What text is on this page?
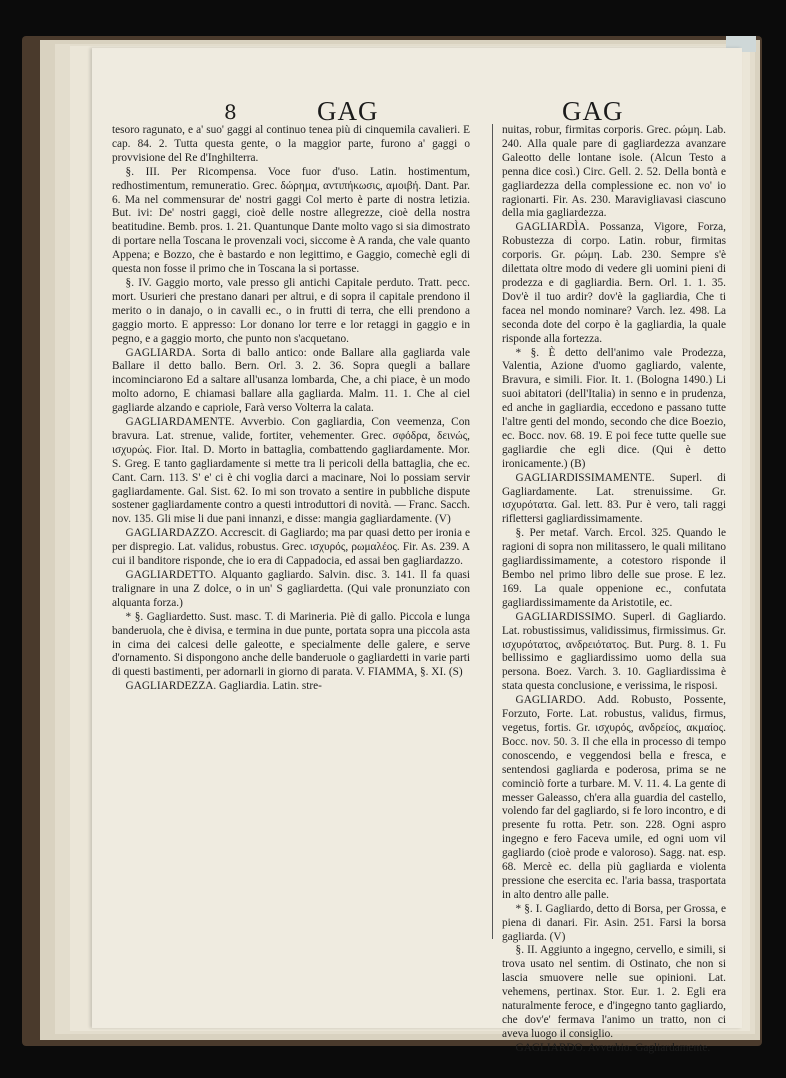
8	GAG	GAG

tesoro ragunato, e a' suo' gaggi al continuo tenea più di cinquemila cavalieri. E cap. 84. 2. Tutta questa gente, o la maggior parte, furono a' gaggi o provvisione del Re d'Inghilterra.

§. III. Per Ricompensa. Voce fuor d'uso. Latin. hostimentum, redhostimentum, remuneratio. Grec. δώρημα, αντιπήκωσις, αμοιβή. Dant. Par. 6. Ma nel commensurar de' nostri gaggi Col merto è parte di nostra letizia. But. ivi: De' nostri gaggi, cioè delle nostre allegrezze, cioè della nostra beatitudine. Bemb. pros. 1. 21. Quantunque Dante molto vago si sia dimostrato di portare nella Toscana le provenzali voci, siccome è A randa, che vale quanto Appena; e Bozzo, che è bastardo e non legittimo, e Gaggio, comechè egli di questa non fosse il primo che in Toscana la si portasse.

§. IV. Gaggio morto, vale presso gli antichi Capitale perduto. Tratt. pecc. mort. Usurieri che prestano danari per altrui, e di sopra il capitale prendono il merito o in danajo, o in cavalli ec., o in frutti di terra, che elli prendono a gaggio morto. E appresso: Lor donano lor terre e lor retaggi in gaggio e in pegno, e a gaggio morto, che punto non s'acquetano.

GAGLIARDA. Sorta di ballo antico: onde Ballare alla gagliarda vale Ballare il detto ballo. Bern. Orl. 3. 2. 36. Sopra quegli a ballare incominciarono Ed a saltare all'usanza lombarda, Che, a chi piace, è un modo molto adorno, E chiamasi ballare alla gagliarda. Malm. 11. 1. Che al ciel gagliarde alzando e capriole, Farà verso Volterra la calata.

GAGLIARDAMENTE. Avverbio. Con gagliardia, Con veemenza, Con bravura. Lat. strenue, valide, fortiter, vehementer. Grec. σφόδρα, δεινώς, ισχυρώς. Fior. Ital. D. Morto in battaglia, combattendo gagliardamente. Mor. S. Greg. E tanto gagliardamente si mette tra li pericoli della battaglia, che ec. Cant. Carn. 113. S' e' ci è chi voglia darci a macinare, Noi lo possiam servir gagliardamente. Gal. Sist. 62. Io mi son trovato a sentire in pubbliche dispute sostener gagliardamente contro a questi introduttori di novità. — Franc. Sacch. nov. 135. Gli mise li due pani innanzi, e disse: mangia gagliardamente. (V)

GAGLIARDAZZO. Accrescit. di Gagliardo; ma par quasi detto per ironia e per dispregio. Lat. validus, robustus. Grec. ισχυρός, ρωμαλέος. Fir. As. 239. A cui il banditore risponde, che io era di Cappadocia, ed assai ben gagliardazzo.

GAGLIARDETTO. Alquanto gagliardo. Salvin. disc. 3. 141. Il fa quasi tralignare in una Z dolce, o in un' S gagliardetta. (Qui vale pronunziato con alquanta forza.)

* §. Gagliardetto. Sust. masc. T. di Marineria. Piè di gallo. Piccola e lunga banderuola, che è divisa, e termina in due punte, portata sopra una piccola asta in cima dei calcesi delle galeotte, e specialmente delle galere, e serve d'ornamento. Si dispongono anche delle banderuole o gagliardetti in varie parti di questi bastimenti, per adornarli in giorno di parata. V. FIAMMA, §. XI. (S)

GAGLIARDEZZA. Gagliardia. Latin. stre-

nuitas, robur, firmitas corporis. Grec. ρώμη. Lab. 240. Alla quale pare di gagliardezza avanzare Galeotto delle lontane isole. (Alcun Testo a penna dice così.) Circ. Gell. 2. 52. Della bontà e gagliardezza della complessione ec. non vo' io ragionarti. Fir. As. 230. Maravigliavasi ciascuno della mia gagliardezza.

GAGLIARDÌA. Possanza, Vigore, Forza, Robustezza di corpo. Latin. robur, firmitas corporis. Gr. ρώμη. Lab. 230. Sempre s'è dilettata oltre modo di vedere gli uomini pieni di prodezza e di gagliardia. Bern. Orl. 1. 1. 35. Dov'è il tuo ardir? dov'è la gagliardia, Che ti facea nel mondo nominare? Varch. lez. 498. La seconda dote del corpo è la gagliardia, la quale risponde alla fortezza.

* §. È detto dell'animo vale Prodezza, Valentia, Azione d'uomo gagliardo, valente, Bravura, e simili. Fior. It. 1. (Bologna 1490.) Li suoi abitatori (dell'Italia) in senno e in prudenza, ed anche in gagliardia, eccedono e passano tutte l'altre genti del mondo, secondo che dice Boezio, ec. Bocc. nov. 68. 19. E poi fece tutte quelle sue gagliardie che egli dice. (Qui è detto ironicamente.) (B)

GAGLIARDISSIMAMENTE. Superl. di Gagliardamente. Lat. strenuissime. Gr. ισχυρότατα. Gal. lett. 83. Pur è vero, tali raggi riflettersi gagliardissimamente.

§. Per metaf. Varch. Ercol. 325. Quando le ragioni di sopra non militassero, le quali militano gagliardissimamente, a cotestoro risponde il Bembo nel primo libro delle sue prose. E lez. 169. La quale oppenione ec., confutata gagliardissimamente da Aristotile, ec.

GAGLIARDISSIMO. Superl. di Gagliardo. Lat. robustissimus, validissimus, firmissimus. Gr. ισχυρότατος, ανδρειότατος. But. Purg. 8. 1. Fu bellissimo e gagliardissimo uomo della sua persona. Boez. Varch. 3. 10. Gagliardissima è stata questa conclusione, e verissima, le risposi.

GAGLIARDO. Add. Robusto, Possente, Forzuto, Forte. Lat. robustus, validus, firmus, vegetus, fortis. Gr. ισχυρός, ανδρείος, ακμαίος. Bocc. nov. 50. 3. Il che ella in processo di tempo conoscendo, e veggendosi bella e fresca, e sentendosi gagliarda e poderosa, prima se ne cominciò forte a turbare. M. V. 11. 4. La gente di messer Galeasso, ch'era alla guardia del castello, volendo far del gagliardo, si fe loro incontro, e di presente fu rotta. Petr. son. 228. Ogni aspro ingegno e fero Faceva umile, ed ogni uom vil gagliardo (cioè prode e valoroso). Sagg. nat. esp. 68. Mercè ec. della più gagliarda e violenta pressione che esercita ec. l'aria bassa, trasportata in alto dentro alle palle.

* §. I. Gagliardo, detto di Borsa, per Grossa, e piena di danari. Fir. Asin. 251. Farsi la borsa gagliarda. (V)

§. II. Aggiunto a ingegno, cervello, e simili, si trova usato nel sentim. di Ostinato, che non si lascia smuovere nelle sue opinioni. Lat. vehemens, pertinax. Stor. Eur. 1. 2. Egli era naturalmente feroce, e d'ingegno tanto gagliardo, che dov'e' fermava l'animo un tratto, non ci aveva luogo il consiglio.

GAGLIARDO. Avverbio. Gagliardamente.
